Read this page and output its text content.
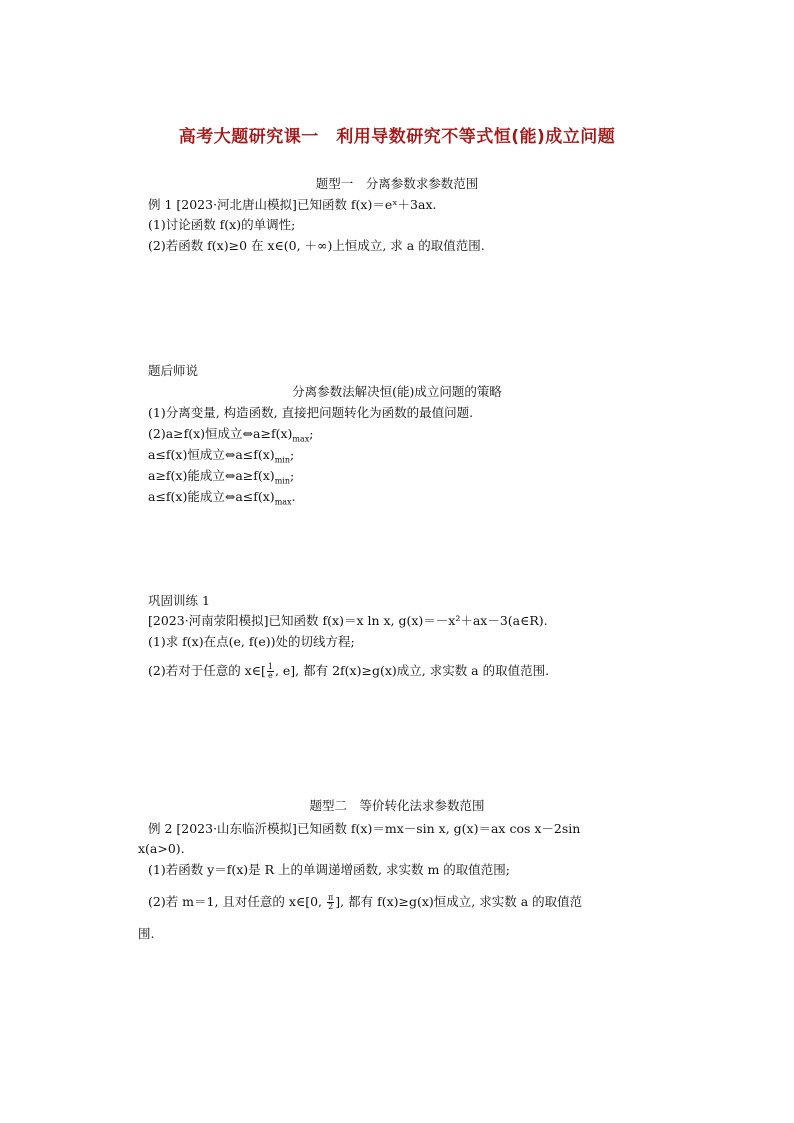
高考大题研究课一　利用导数研究不等式恒(能)成立问题
题型一　分离参数求参数范围
例 1 [2023·河北唐山模拟]已知函数 f(x)＝eˣ＋3ax.
(1)讨论函数 f(x)的单调性;
(2)若函数 f(x)≥0 在 x∈(0, ＋∞)上恒成立, 求 a 的取值范围.
题后师说
分离参数法解决恒(能)成立问题的策略
(1)分离变量, 构造函数, 直接把问题转化为函数的最值问题.
(2)a≥f(x)恒成立$\Leftrightarrow a\ge f(x)_{max}$;
a≤f(x)恒成立$\Leftrightarrow a\le f(x)_{min}$;
a≥f(x)能成立$\Leftrightarrow a\ge f(x)_{min}$;
a≤f(x)能成立$\Leftrightarrow a\le f(x)_{max}$.
巩固训练 1
[2023·河南荥阳模拟]已知函数 f(x)＝x ln x, g(x)＝－x²＋ax－3(a∈R).
(1)求 f(x)在点(e, f(e))处的切线方程;
(2)若对于任意的 x∈[ $\frac{1}{e}$ , e], 都有 2f(x)≥g(x)成立, 求实数 a 的取值范围.
题型二　等价转化法求参数范围
例 2 [2023·山东临沂模拟]已知函数 f(x)＝mx－sin x, g(x)＝ax cos x－2sin
x(a>0).
(1)若函数 y＝f(x)是 R 上的单调递增函数, 求实数 m 的取值范围;
(2)若 m＝1, 且对任意的 x∈[0, $\frac{\pi}{2}$ ], 都有 f(x)≥g(x)恒成立, 求实数 a 的取值范
围.
